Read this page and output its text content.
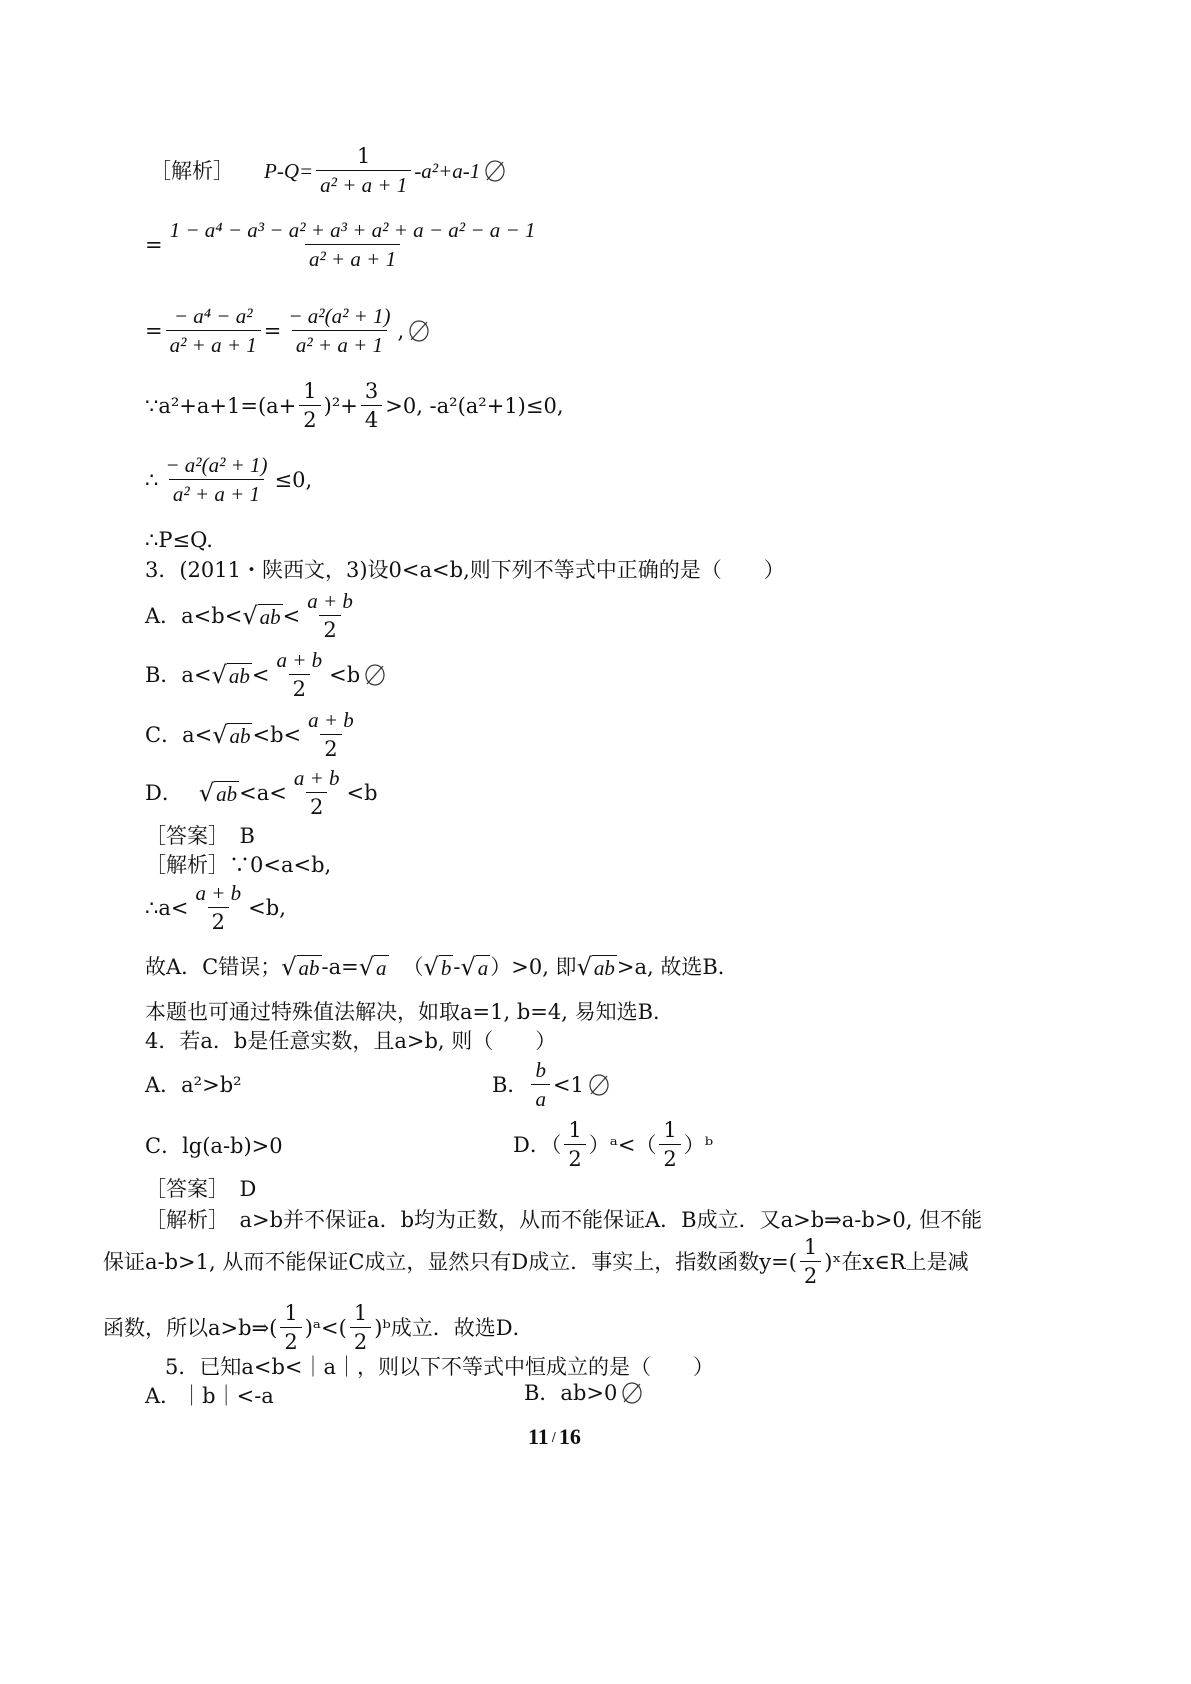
［解析］ $P-Q= \frac{1}{\text{a² + a + 1}} -a^2+a-1$
= $\frac{\text{1 − a⁴ − a³ − a² + a³ + a² + a − a² − a − 1}}{\text{a² + a + 1}}$
= $\frac{\text{− a⁴ − a²}}{\text{a² + a + 1}} = \frac{\text{− a²(a² + 1)}}{\text{a² + a + 1}}$ ,
∵a²+a+1=(a+ $\frac{1}{2} )^2+ \frac{3}{4} >0$, -a²(a²+1)≤0,
∴ $\frac{\text{− a²(a² + 1)}}{\text{a² + a + 1}} \le 0$,
∴P≤Q.
3．(2011・陕西文，3)设0<a<b,则下列不等式中正确的是（　　）
A．a<b< √ ab < $\frac{a + b}{2}$
B．a< √ ab < $\frac{a + b}{2} <b$
C．a< √ ab $<b< \frac{a + b}{2}$
D． √ ab $<a< \frac{a + b}{2} <b$
［答案］　B
［解析］∵0<a<b,
∴a< $\frac{a + b}{2} <b$,
故A．C错误； √ ab -a= √ a （ √ b - √ a ）>0, 即 √ ab >a, 故选B．
本题也可通过特殊值法解决，如取a=1, b=4, 易知选B．
4．若a．b是任意实数，且a>b, 则（　　）
A．a²>b²	B． $\frac{b}{a} <1$
C．lg(a-b)>0	D．（ $\frac{1}{2}$ ）ᵃ<（ $\frac{1}{2}$ ）ᵇ
［答案］　D
［解析］　a>b并不保证a．b均为正数，从而不能保证A．B成立．又a>b⇒a-b>0, 但不能
保证a-b>1, 从而不能保证C成立，显然只有D成立．事实上，指数函数$y=( \frac{1}{2}$ )ˣ在x∈R上是减
函数，所以a>b⇒( $\frac{1}{2}$ )ᵃ<( $\frac{1}{2}$ )ᵇ成立．故选D．
5．已知a<b<｜a｜，则以下不等式中恒成立的是（　　）
A．｜b｜<-a	B．ab>0
11 / 16
